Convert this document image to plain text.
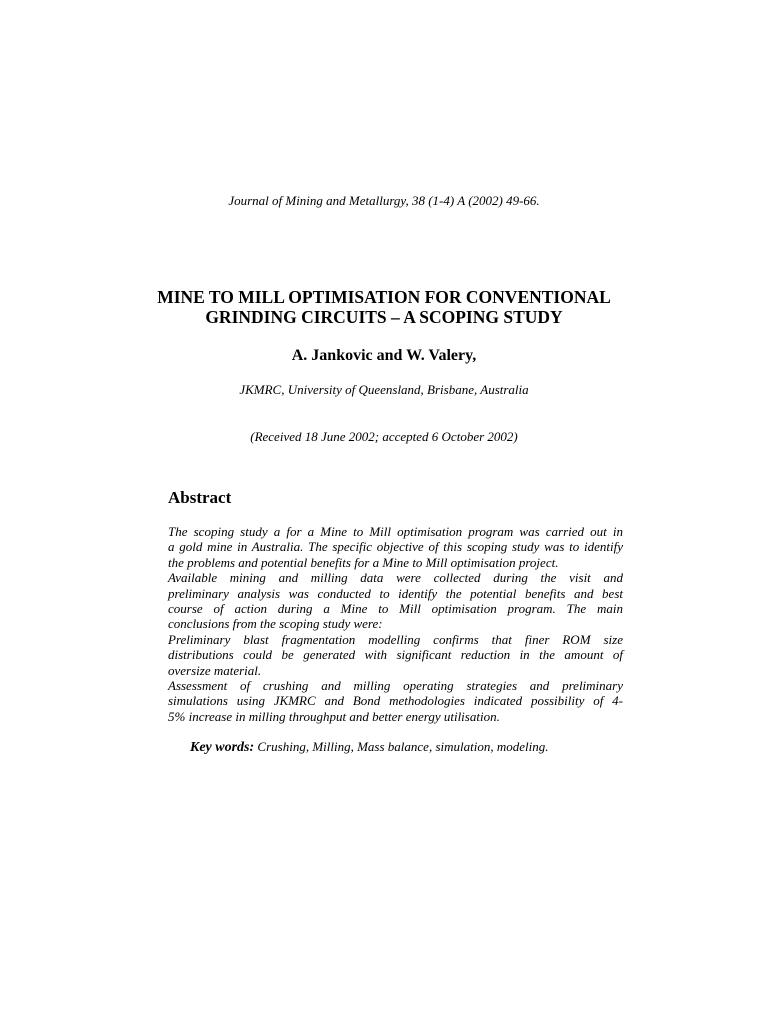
Journal of Mining and Metallurgy, 38 (1-4) A (2002) 49-66.
MINE TO MILL OPTIMISATION FOR CONVENTIONAL
GRINDING CIRCUITS – A SCOPING STUDY
A. Jankovic and W. Valery,
JKMRC, University of Queensland, Brisbane, Australia
(Received 18 June 2002; accepted 6 October 2002)
Abstract

The scoping study a for a Mine to Mill optimisation program was carried out in
a gold mine in Australia. The specific objective of this scoping study was to identify
the problems and potential benefits for a Mine to Mill optimisation project.

Available mining and milling data were collected during the visit and
preliminary analysis was conducted to identify the potential benefits and best
course of action during a Mine to Mill optimisation program. The main
conclusions from the scoping study were:

Preliminary blast fragmentation modelling confirms that finer ROM size
distributions could be generated with significant reduction in the amount of
oversize material.

Assessment of crushing and milling operating strategies and preliminary
simulations using JKMRC and Bond methodologies indicated possibility of 4-
5% increase in milling throughput and better energy utilisation.

Key words: Crushing, Milling, Mass balance, simulation, modeling.
